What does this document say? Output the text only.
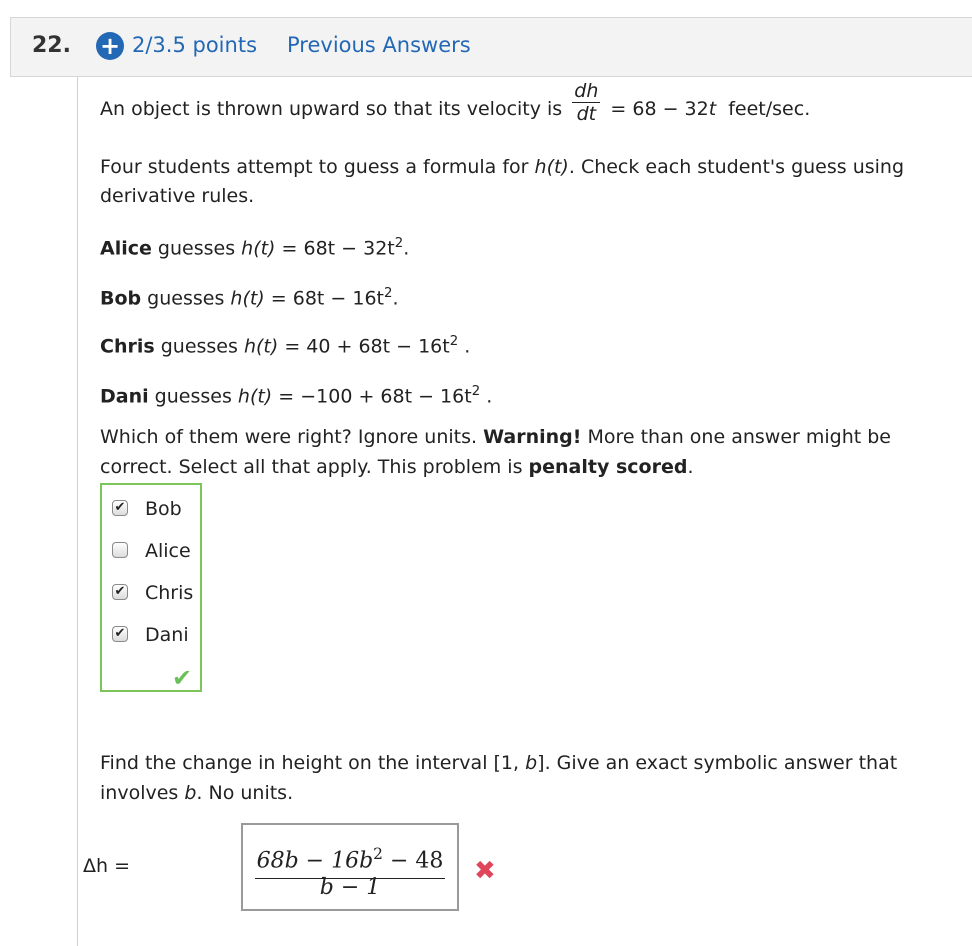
22. + 2/3.5 points Previous Answers
An object is thrown upward so that its velocity is $\frac{dh}{dt} = 68 - 32t$ feet/sec.
Four students attempt to guess a formula for h(t). Check each student's guess using
derivative rules.
Alice guesses $h(t) = 68t - 32t^2$.
Bob guesses $h(t) = 68t - 16t^2$.
Chris guesses $h(t) = 40 + 68t - 16t^2$ .
Dani guesses $h(t) = -100 + 68t - 16t^2$ .
Which of them were right? Ignore units. Warning! More than one answer might be
correct. Select all that apply. This problem is penalty scored.
✔ Bob
Alice
✔ Chris
✔ Dani
✔
Find the change in height on the interval [1, b]. Give an exact symbolic answer that
involves b. No units.
Δh =	$\frac{68b - 16b^2 - 48}{b - 1}$ ✖
